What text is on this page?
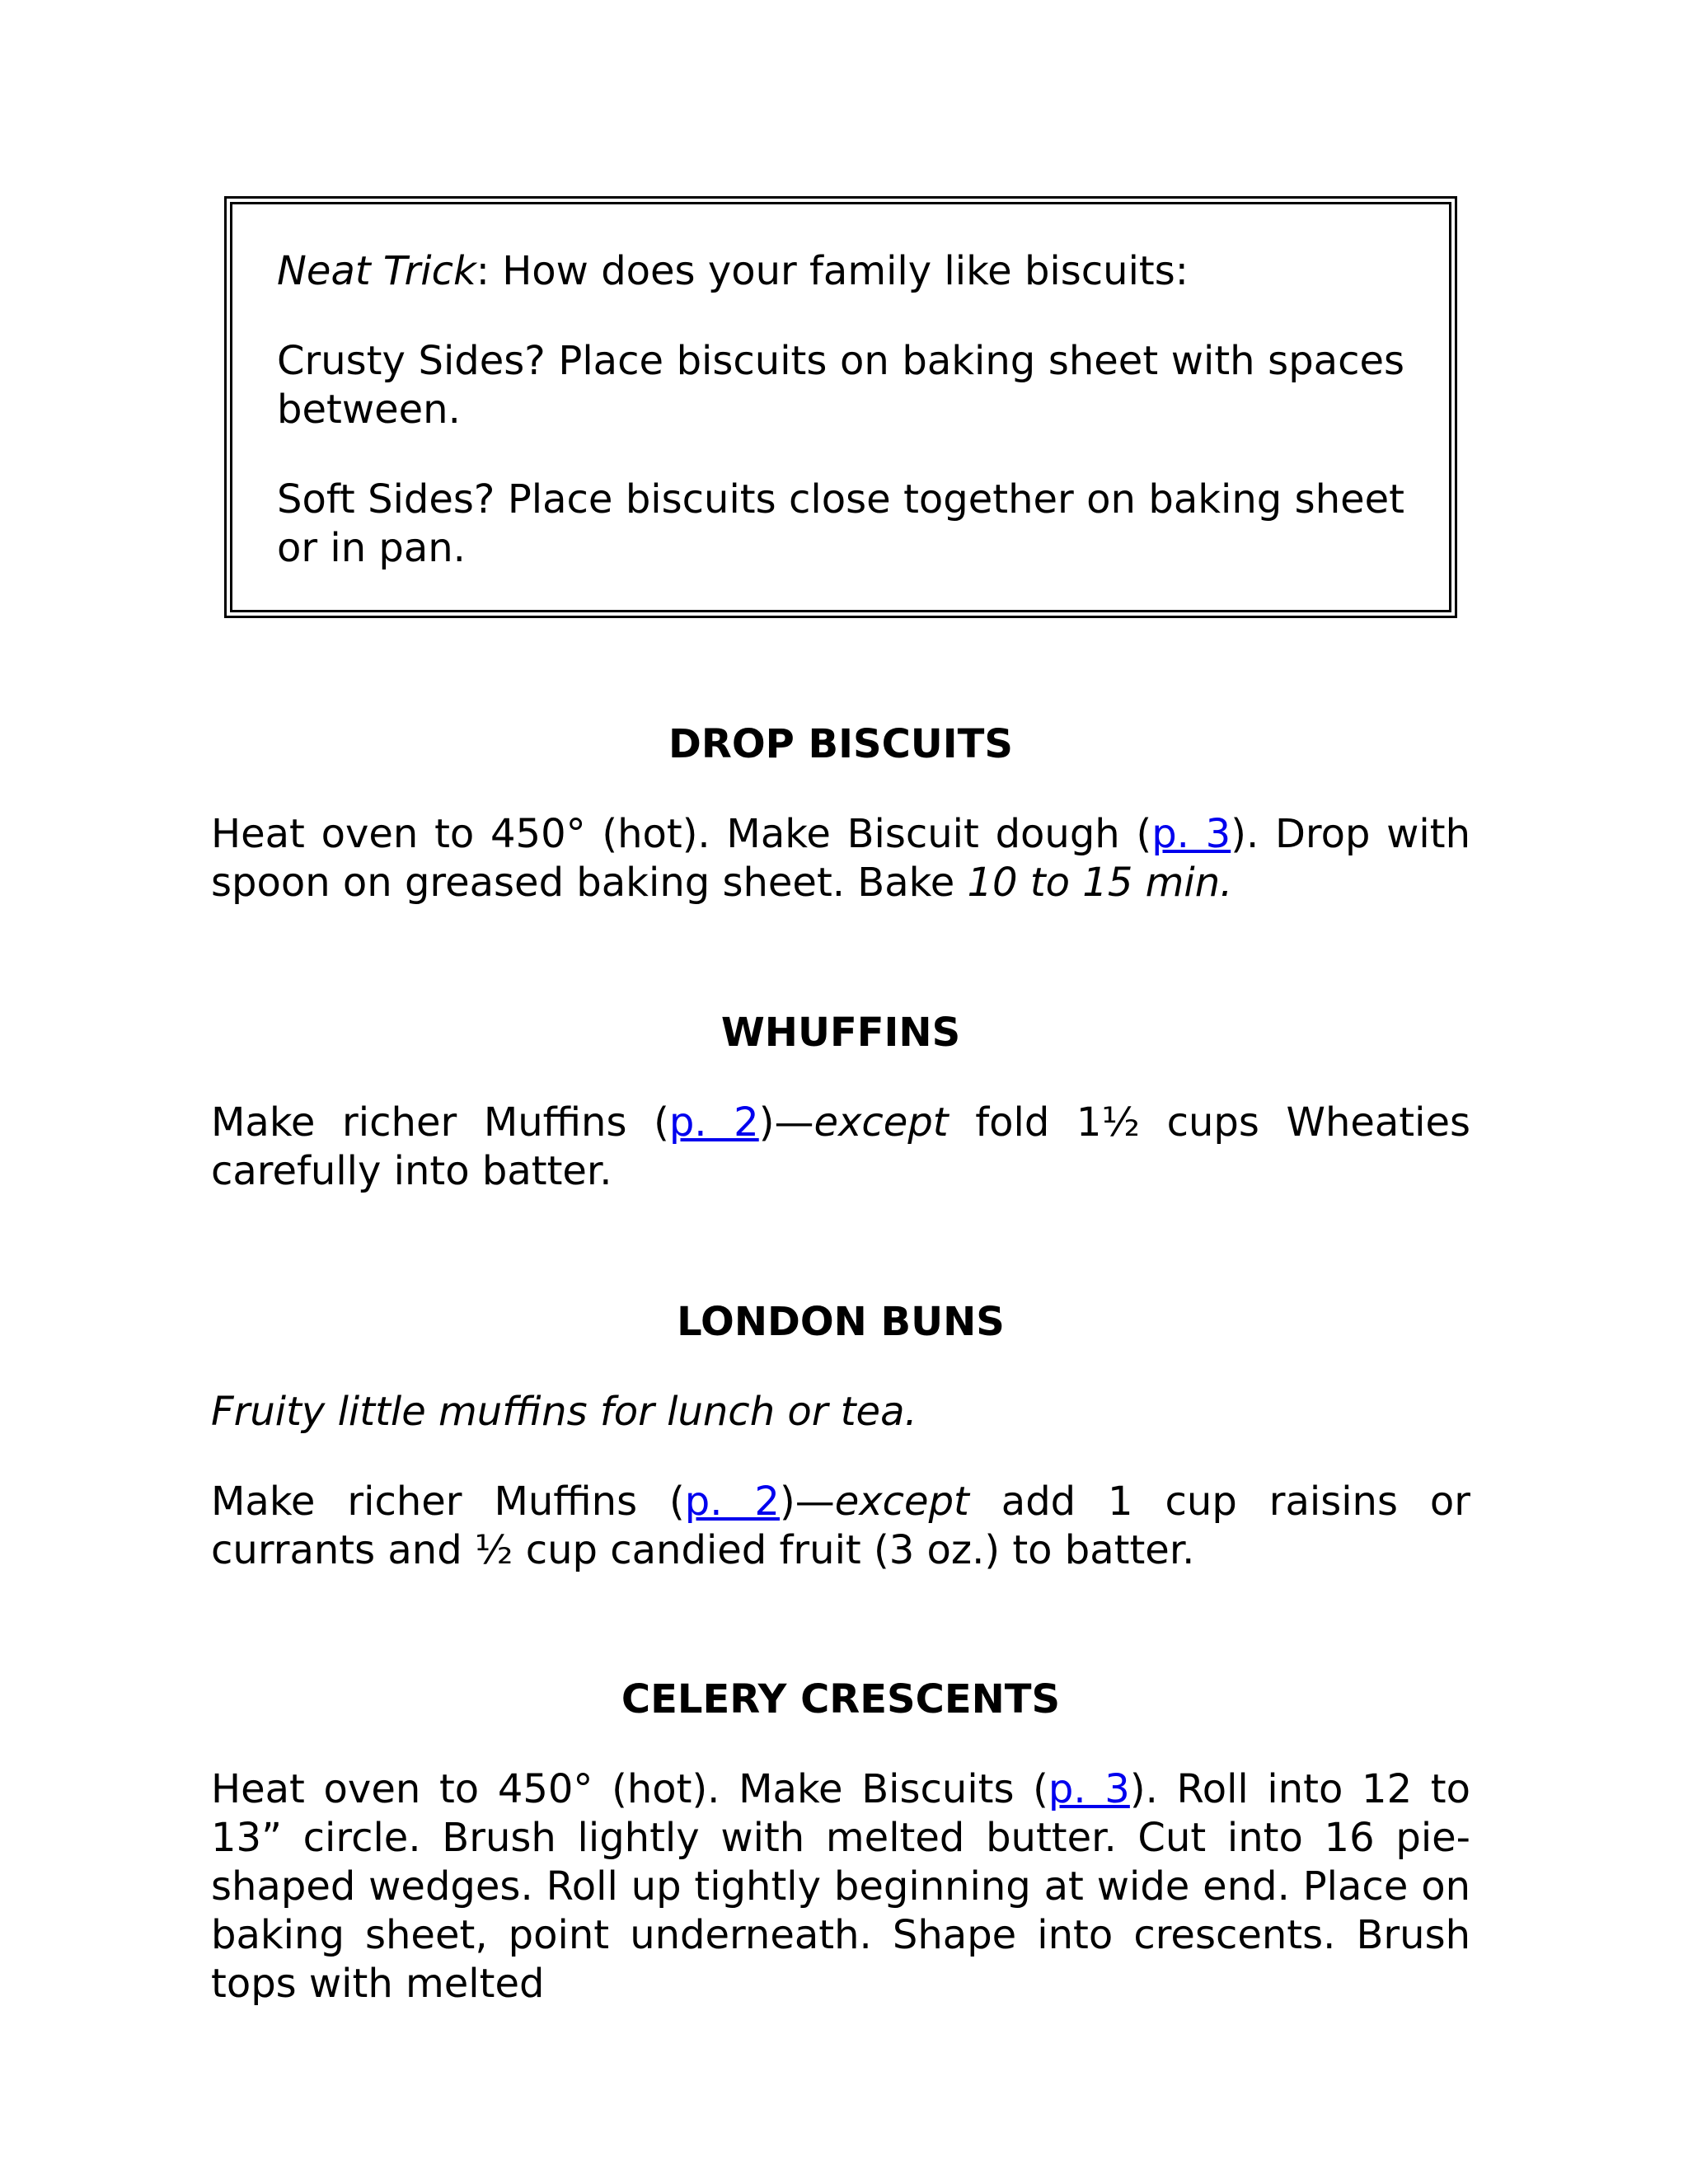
Neat Trick: How does your family like biscuits:

Crusty Sides? Place biscuits on baking sheet with spaces between.

Soft Sides? Place biscuits close together on baking sheet or in pan.

DROP BISCUITS

Heat oven to 450° (hot). Make Biscuit dough (p. 3). Drop with spoon on greased baking sheet. Bake 10 to 15 min.

WHUFFINS

Make richer Muffins (p. 2)—except fold 1½ cups Wheaties carefully into batter.

LONDON BUNS

Fruity little muffins for lunch or tea.

Make richer Muffins (p. 2)—except add 1 cup raisins or currants and ½ cup candied fruit (3 oz.) to batter.

CELERY CRESCENTS

Heat oven to 450° (hot). Make Biscuits (p. 3). Roll into 12 to 13” circle. Brush lightly with melted butter. Cut into 16 pie-shaped wedges. Roll up tightly beginning at wide end. Place on baking sheet, point underneath. Shape into crescents. Brush tops with melted
